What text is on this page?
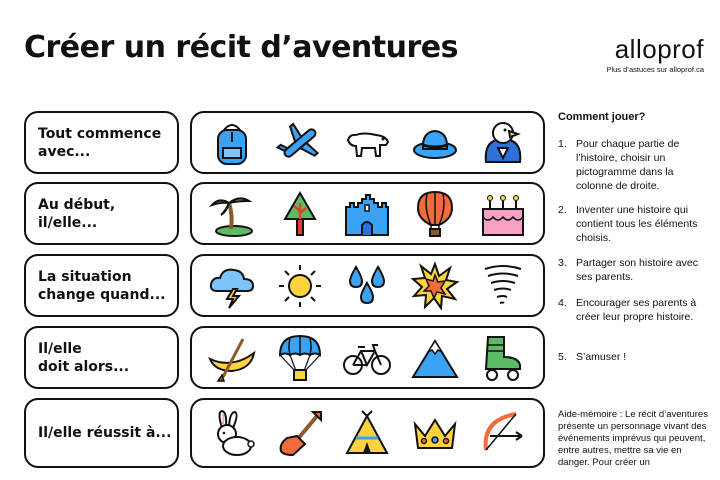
Créer un récit d’aventures	alloprof
Plus d’astuces sur alloprof.ca
Tout commence
avec...
Au début,
il/elle...
La situation
change quand...
Il/elle
doit alors...
Il/elle réussit à...
Comment jouer?
1. Pour chaque partie de l’histoire, choisir un pictogramme dans la colonne de droite.
2. Inventer une histoire qui contient tous les éléments choisis.
3. Partager son histoire avec ses parents.
4. Encourager ses parents à créer leur propre histoire.
5. S’amuser !
Aide-mémoire : Le récit d’aventures présente un personnage vivant des événements imprévus qui peuvent, entre autres, mettre sa vie en danger. Pour créer un
